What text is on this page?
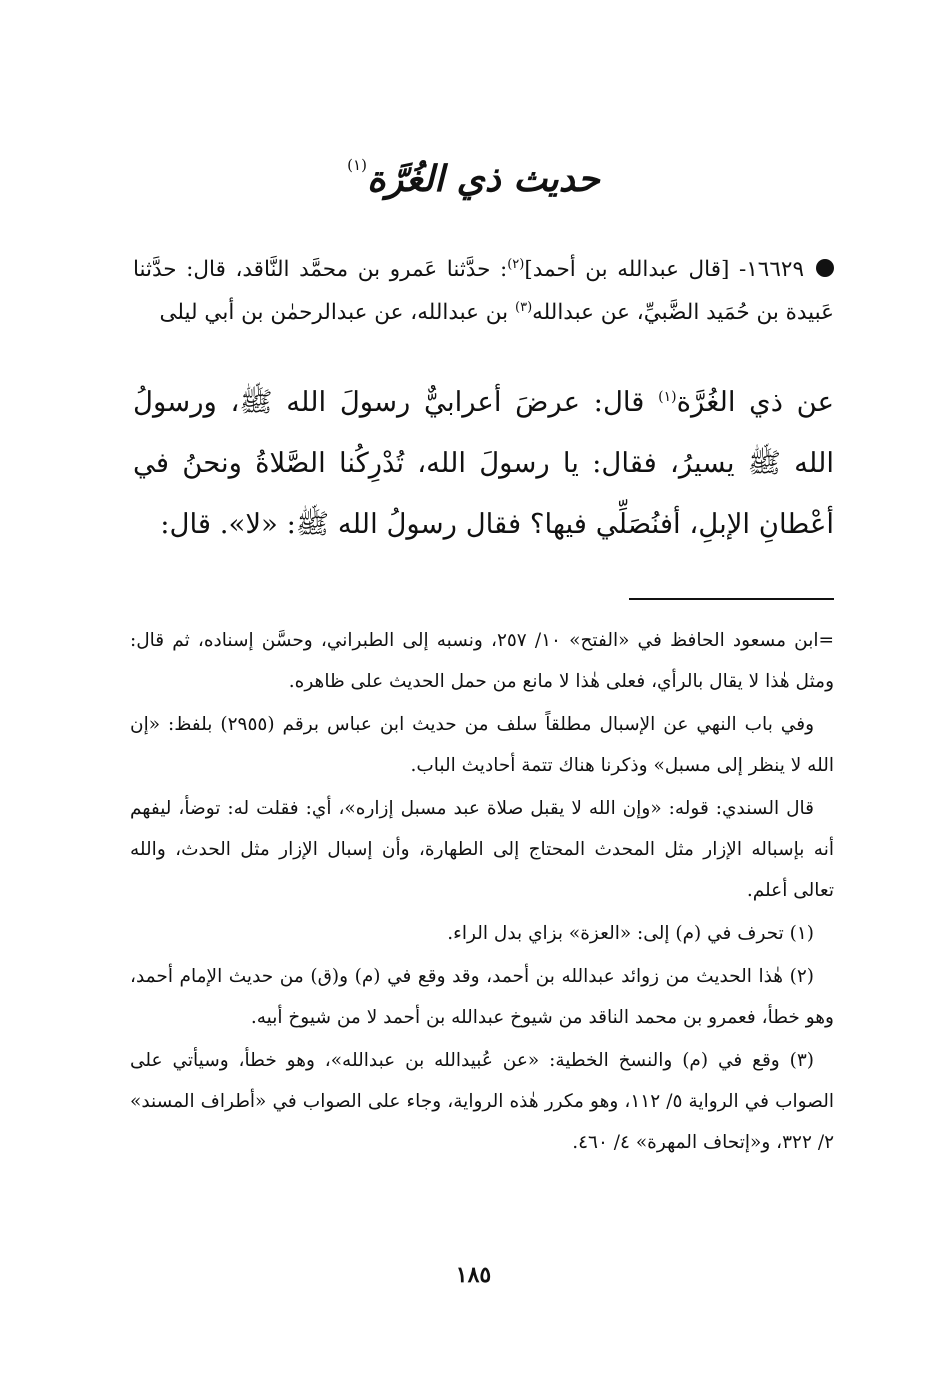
حديث ذي الغُرَّة$^{(١)}$

١٦٦٢٩- [قال عبدالله بن أحمد]$^{(٢)}$: حدَّثنا عَمرو بن محمَّد النَّاقد، قال: حدَّثنا عَبيدة بن حُمَيد الضَّبيِّ، عن عبدالله$^{(٣)}$ بن عبدالله، عن عبدالرحمٰن بن أبي ليلى

عن ذي الغُرَّة$^{(١)}$ قال: عرضَ أعرابيٌّ رسولَ الله ﷺ، ورسولُ الله ﷺ يسيرُ، فقال: يا رسولَ الله، تُدْرِكُنا الصَّلاةُ ونحنُ في أعْطانِ الإبلِ، أفنُصَلِّي فيها؟ فقال رسولُ الله ﷺ: «لا». قال:

=ابن مسعود الحافظ في «الفتح» ١٠/ ٢٥٧، ونسبه إلى الطبراني، وحسَّن إسناده، ثم قال: ومثل هٰذا لا يقال بالرأي، فعلى هٰذا لا مانع من حمل الحديث على ظاهره.

وفي باب النهي عن الإسبال مطلقاً سلف من حديث ابن عباس برقم (٢٩٥٥) بلفظ: «إن الله لا ينظر إلى مسبل» وذكرنا هناك تتمة أحاديث الباب.

قال السندي: قوله: «وإن الله لا يقبل صلاة عبد مسبل إزاره»، أي: فقلت له: توضأ، ليفهم أنه بإسباله الإزار مثل المحدث المحتاج إلى الطهارة، وأن إسبال الإزار مثل الحدث، والله تعالى أعلم.

(١) تحرف في (م) إلى: «العزة» بزاي بدل الراء.

(٢) هٰذا الحديث من زوائد عبدالله بن أحمد، وقد وقع في (م) و(ق) من حديث الإمام أحمد، وهو خطأ، فعمرو بن محمد الناقد من شيوخ عبدالله بن أحمد لا من شيوخ أبيه.

(٣) وقع في (م) والنسخ الخطية: «عن عُبيدالله بن عبدالله»، وهو خطأ، وسيأتي على الصواب في الرواية ٥/ ١١٢، وهو مكرر هٰذه الرواية، وجاء على الصواب في «أطراف المسند» ٢/ ٣٢٢، و«إتحاف المهرة» ٤/ ٤٦٠.

١٨٥
